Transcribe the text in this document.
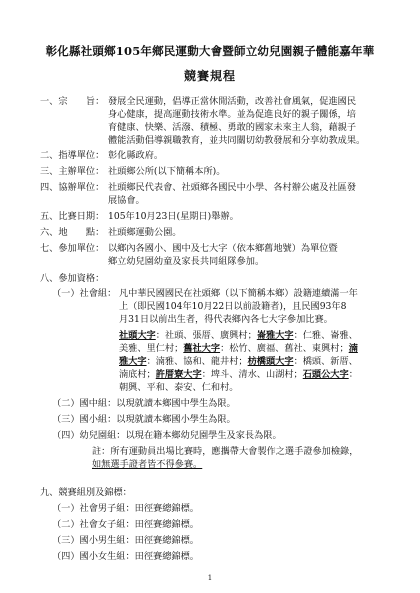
彰化縣社頭鄉105年鄉民運動大會暨師立幼兒園親子體能嘉年華
競賽規程
一、宗　　旨： 發展全民運動，倡導正當休閒活動，改善社會風氣，促進國民
身心健康，提高運動技術水準。並為促進良好的親子關係，培
育健康、快樂、活潑、積極、勇敢的國家未來主人翁，藉親子
體能活動倡導親職教育，並共同關切幼教發展和分享幼教成果。
二、指導單位： 彰化縣政府。
三、主辦單位： 社頭鄉公所(以下簡稱本所)。
四、協辦單位： 社頭鄉民代表會、社頭鄉各國民中小學、各村辦公處及社區發
展協會。
五、比賽日期： 105年10月23日(星期日)舉辦。
六、地　　點： 社頭鄉運動公園。
七、參加單位： 以鄉內各國小、國中及七大字（依本鄉舊地號）為單位暨
鄉立幼兒園幼童及家長共同組隊參加。
八、參加資格：
（一）社會組： 凡中華民國國民在社頭鄉（以下簡稱本鄉）設籍連續滿一年
上（即民國104年10月22日以前設籍者)，且民國93年8
月31日以前出生者，得代表鄉內各七大字參加比賽。
社頭大字：社頭、張厝、廣興村；崙雅大字：仁雅、崙雅、
美雅、里仁村；舊社大字：松竹、廣福、舊社、東興村；湳
雅大字：湳雅、協和、龍井村；枋橋頭大字：橋頭、新厝、
湳底村；許厝寮大字：埤斗、清水、山湖村；石頭公大字：
朝興、平和、泰安、仁和村。
（二）國中組：以現就讀本鄉國中學生為限。
（三）國小組：以現就讀本鄉國小學生為限。
（四）幼兒園組：以現在籍本鄉幼兒園學生及家長為限。
註：所有運動員出場比賽時，應攜帶大會製作之選手證參加檢錄，
如無選手證者皆不得參賽。
九、競賽組別及錦標：
（一）社會男子組：田徑賽總錦標。
（二）社會女子組：田徑賽總錦標。
（三）國小男生組：田徑賽總錦標。
（四）國小女生組：田徑賽總錦標。
1
